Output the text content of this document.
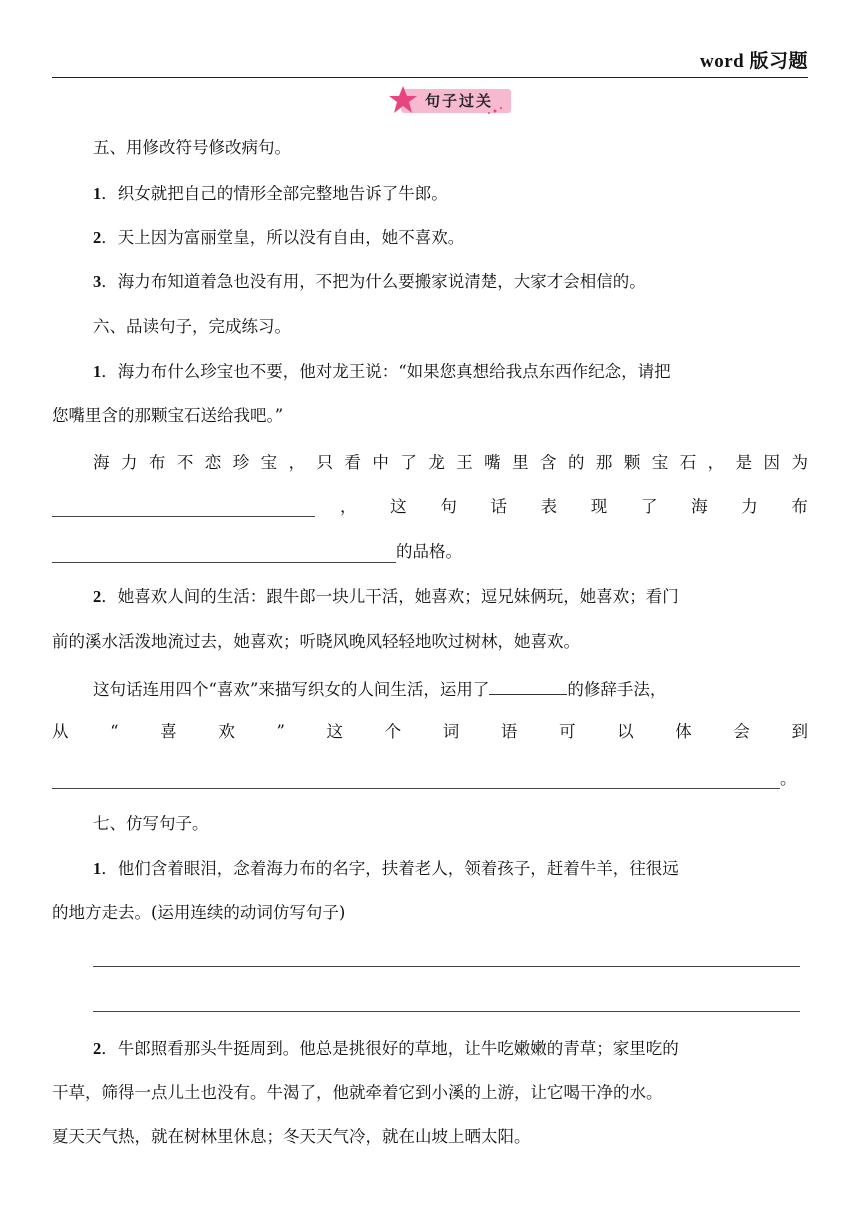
word 版习题
句子过关
五、用修改符号修改病句。
1．织女就把自己的情形全部完整地告诉了牛郎。
2．天上因为富丽堂皇，所以没有自由，她不喜欢。
3．海力布知道着急也没有用，不把为什么要搬家说清楚，大家才会相信的。
六、品读句子，完成练习。
1．海力布什么珍宝也不要，他对龙王说：“如果您真想给我点东西作纪念，请把
您嘴里含的那颗宝石送给我吧。”
海 力 布 不 恋 珍 宝 ， 只 看 中 了 龙 王 嘴 里 含 的 那 颗 宝 石 ， 是 因 为
， 这 句 话 表 现 了 海 力 布
的品格。
2．她喜欢人间的生活：跟牛郎一块儿干活，她喜欢；逗兄妹俩玩，她喜欢；看门
前的溪水活泼地流过去，她喜欢；听晓风晚风轻轻地吹过树林，她喜欢。
这句话连用四个“喜欢”来描写织女的人间生活，运用了	的修辞手法，
从	“	喜	欢	”	这	个	词	语	可	以	体	会	到
。
七、仿写句子。
1．他们含着眼泪，念着海力布的名字，扶着老人，领着孩子，赶着牛羊，往很远
的地方走去。(运用连续的动词仿写句子)
2．牛郎照看那头牛挺周到。他总是挑很好的草地，让牛吃嫩嫩的青草；家里吃的
干草，筛得一点儿土也没有。牛渴了，他就牵着它到小溪的上游，让它喝干净的水。
夏天天气热，就在树林里休息；冬天天气冷，就在山坡上晒太阳。
